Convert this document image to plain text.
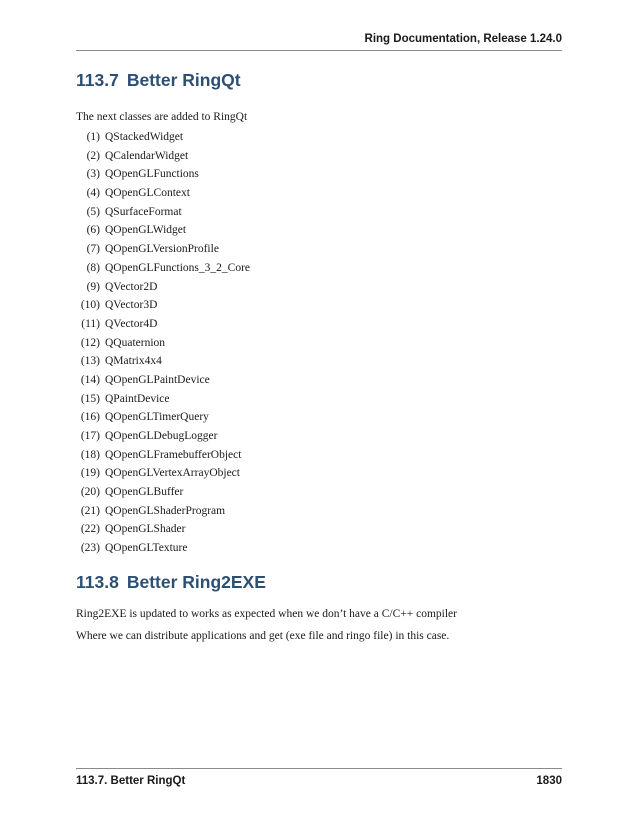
Ring Documentation, Release 1.24.0
113.7 Better RingQt

The next classes are added to RingQt

(1) QStackedWidget
(2) QCalendarWidget
(3) QOpenGLFunctions
(4) QOpenGLContext
(5) QSurfaceFormat
(6) QOpenGLWidget
(7) QOpenGLVersionProfile
(8) QOpenGLFunctions_3_2_Core
(9) QVector2D
(10) QVector3D
(11) QVector4D
(12) QQuaternion
(13) QMatrix4x4
(14) QOpenGLPaintDevice
(15) QPaintDevice
(16) QOpenGLTimerQuery
(17) QOpenGLDebugLogger
(18) QOpenGLFramebufferObject
(19) QOpenGLVertexArrayObject
(20) QOpenGLBuffer
(21) QOpenGLShaderProgram
(22) QOpenGLShader
(23) QOpenGLTexture
113.8 Better Ring2EXE

Ring2EXE is updated to works as expected when we don’t have a C/C++ compiler

Where we can distribute applications and get (exe file and ringo file) in this case.

113.7. Better RingQt	1830
